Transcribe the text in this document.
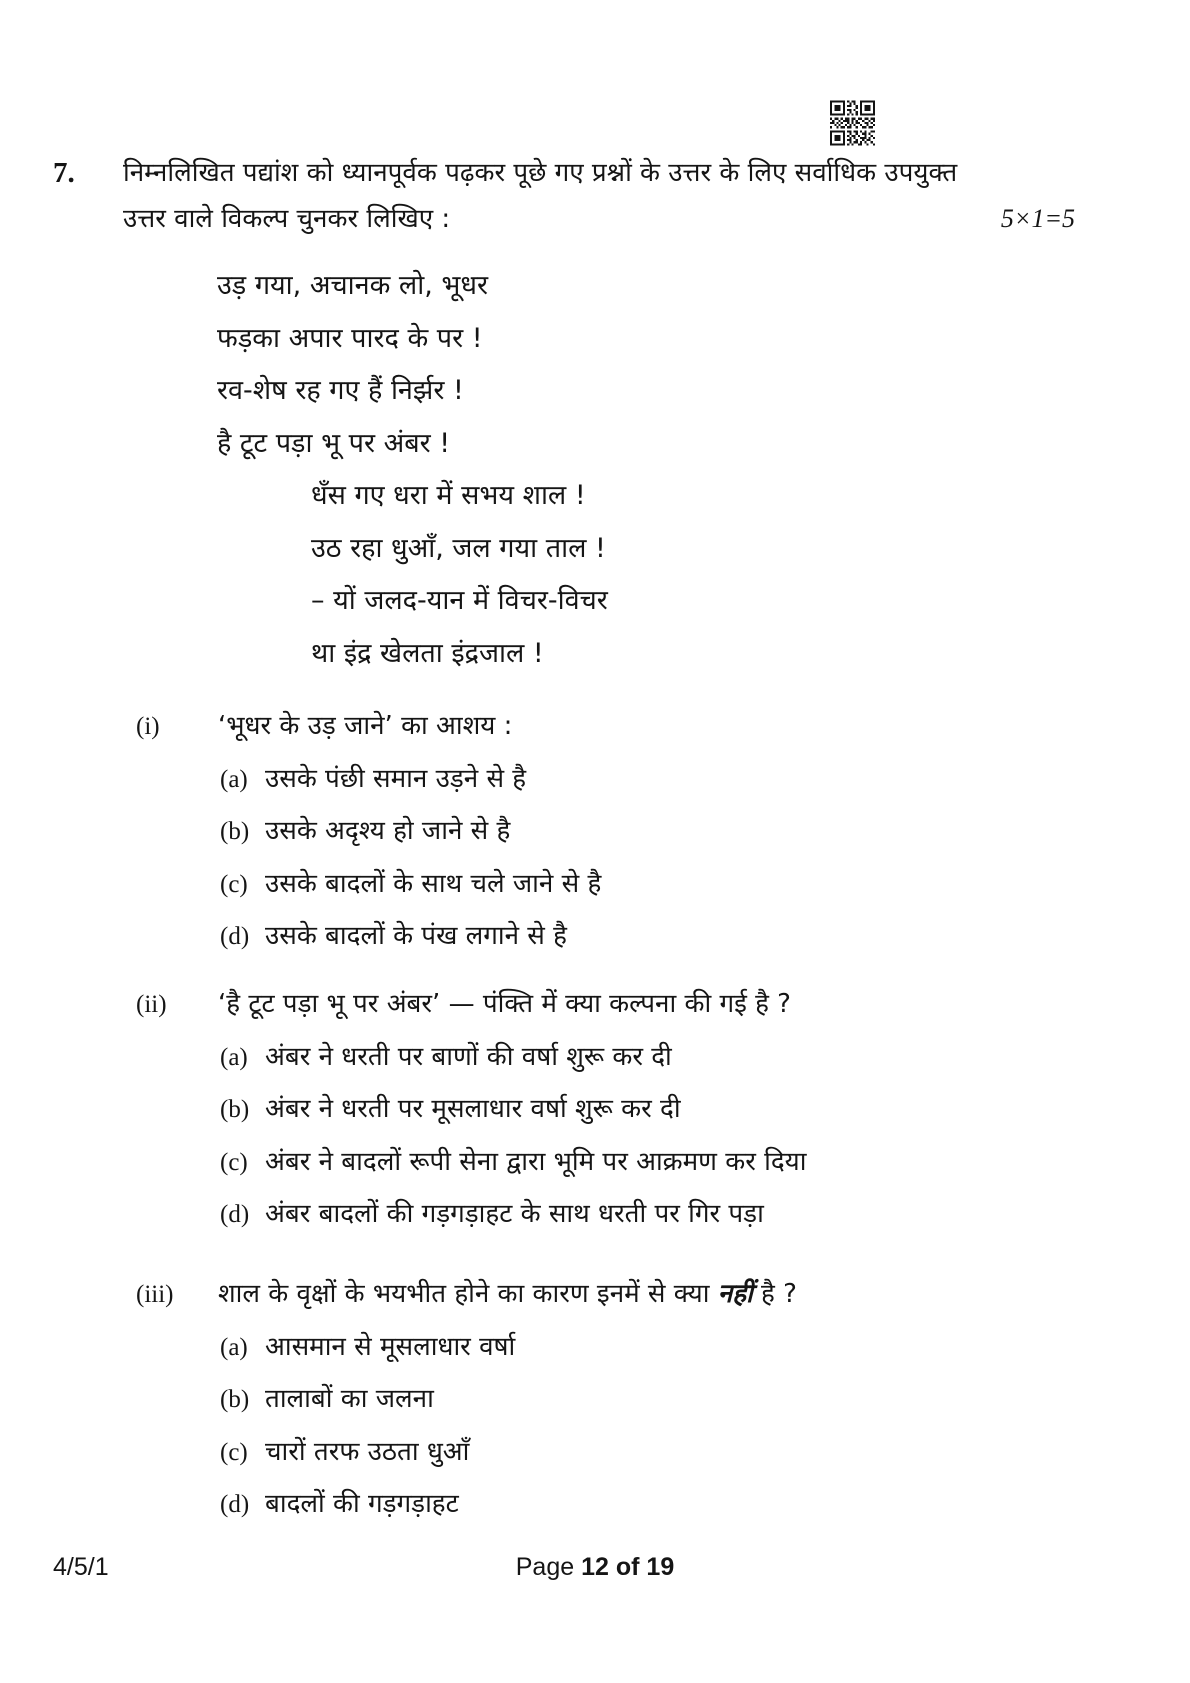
7.	निम्नलिखित पद्यांश को ध्यानपूर्वक पढ़कर पूछे गए प्रश्नों के उत्तर के लिए सर्वाधिक उपयुक्त
उत्तर वाले विकल्प चुनकर लिखिए :	5×1=5
उड़ गया, अचानक लो, भूधर
फड़का अपार पारद के पर !
रव-शेष रह गए हैं निर्झर !
है टूट पड़ा भू पर अंबर !
धँस गए धरा में सभय शाल !
उठ रहा धुआँ, जल गया ताल !
– यों जलद-यान में विचर-विचर
था इंद्र खेलता इंद्रजाल !
(i) ‘भूधर के उड़ जाने’ का आशय :
(a) उसके पंछी समान उड़ने से है
(b) उसके अदृश्य हो जाने से है
(c) उसके बादलों के साथ चले जाने से है
(d) उसके बादलों के पंख लगाने से है
(ii) ‘है टूट पड़ा भू पर अंबर’ — पंक्ति में क्या कल्पना की गई है ?
(a) अंबर ने धरती पर बाणों की वर्षा शुरू कर दी
(b) अंबर ने धरती पर मूसलाधार वर्षा शुरू कर दी
(c) अंबर ने बादलों रूपी सेना द्वारा भूमि पर आक्रमण कर दिया
(d) अंबर बादलों की गड़गड़ाहट के साथ धरती पर गिर पड़ा
(iii) शाल के वृक्षों के भयभीत होने का कारण इनमें से क्या नहीं है ?
(a) आसमान से मूसलाधार वर्षा
(b) तालाबों का जलना
(c) चारों तरफ उठता धुआँ
(d) बादलों की गड़गड़ाहट
4/5/1	Page 12 of 19
